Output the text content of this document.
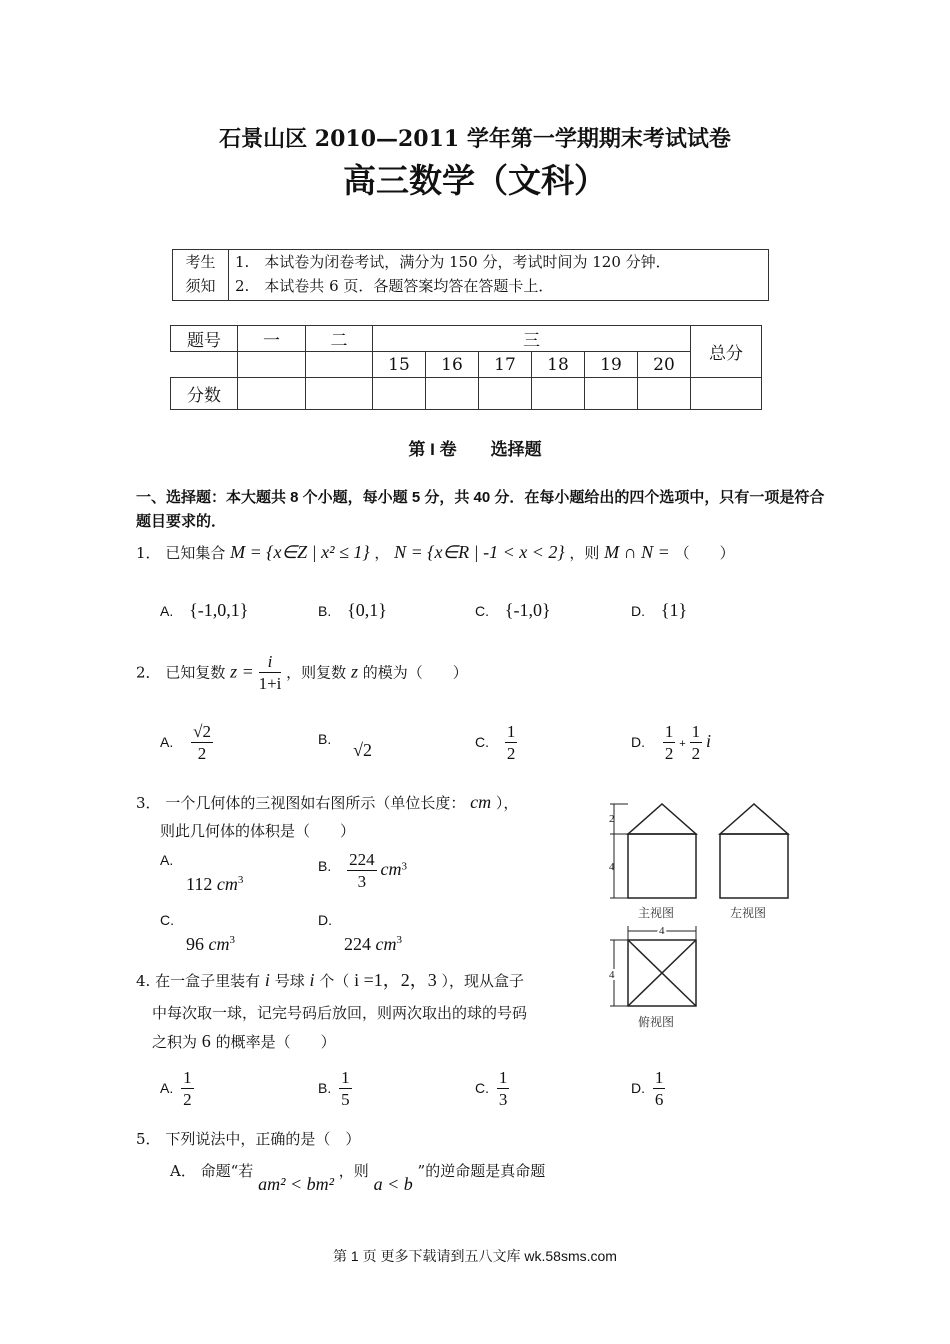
石景山区 2010—2011 学年第一学期期末考试试卷
高三数学（文科）
考生
须知
1.　本试卷为闭卷考试，满分为 150 分，考试时间为 120 分钟．
2.　本试卷共 6 页．各题答案均答在答题卡上．
题号	一	二	三						总分
			15	16	17	18	19	20	
分数									
第 I 卷　　选择题
一、选择题：本大题共 8 个小题，每小题 5 分，共 40 分．在每小题给出的四个选项中，只有一项是符合题目要求的．
1． 已知集合 M = {x∈Z | x² ≤ 1} ， N = {x∈R | -1 < x < 2} ，则 M ∩ N = （　　）
A. {-1,0,1}	B. {0,1}	C. {-1,0}	D. {1}
2． 已知复数 $z = \frac{i}{1+i}$ ，则复数 z 的模为（　　）
A. $\frac{√2}{2}$	B. √2	C. $\frac{1}{2}$	D. $\frac{1}{2} + \frac{1}{2}$ i
3． 一个几何体的三视图如右图所示（单位长度： cm ），
则此几何体的体积是（　　）
A.
112 $cm^3$
B. $\frac{224}{3} cm^3$
C.
96 $cm^3$
D.
224 $cm^3$
2
4
4
4
主视图	左视图
俯视图
4. 在一盒子里装有 i 号球 i 个（ i =1，2，3 ），现从盒子
中每次取一球，记完号码后放回，则两次取出的球的号码
之积为 6 的概率是（　　）
A. $\frac{1}{2}$	B. $\frac{1}{5}$	C. $\frac{1}{3}$	D. $\frac{1}{6}$
5． 下列说法中，正确的是（　）
A． 命题“若 am² < bm² ，则 a < b ”的逆命题是真命题
第 1 页 更多下载请到五八文库 wk.58sms.com
